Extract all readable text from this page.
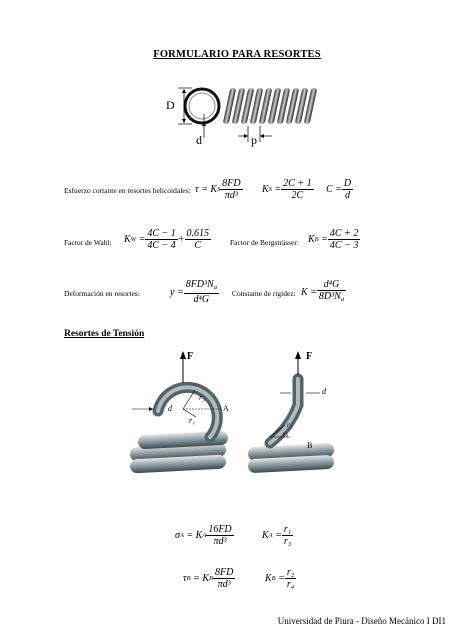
FORMULARIO PARA RESORTES
D
d	p
Esfuerzo cortante en resortes helicoidales: τ = K S $\frac{8FD}{\text{πd³}}$ K S
= $\frac{2C + 1}{2C}$ $C = \frac{D}{d}$
Factor de Wahl: K W
= $\frac{4C - 1}{4C - 4} + \frac{0.615}{C}$	Factor de Bergsträsser: K B
= $\frac{4C + 2}{4C - 3}$
Deformación en resortes:	$y = \frac{8FD^3N_a}{\text{d⁴G}}$ Constante de rigidez: $K = \frac{\text{d⁴G}}{8D^3N_a}$
Resortes de Tensión
F	F
r₃
d	A
r₁
d
r₂
r₄
B
σ A
= K A $\frac{16FD}{\text{πd³}}$	K A
= $\frac{\text{r₁}}{\text{r₃}}$
τ B
= K B $\frac{8FD}{\text{πd³}}$	K B
= $\frac{\text{r₂}}{\text{r₄}}$
Universidad de Piura - Diseño Mecánico I DI1
